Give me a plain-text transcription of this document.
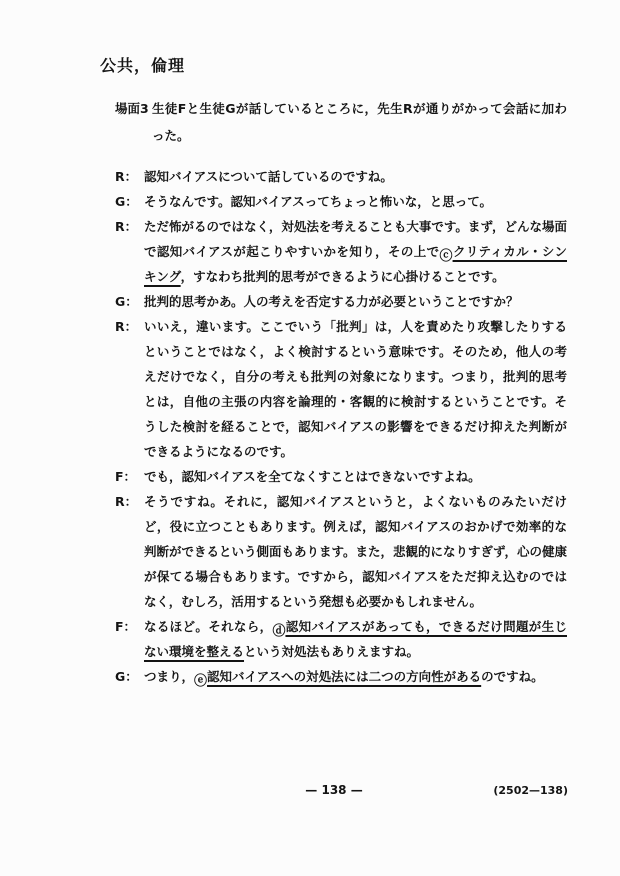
公共，倫理
場面3 生徒Fと生徒Gが話しているところに，先生Rが通りがかって会話に加わった。
R： 認知バイアスについて話しているのですね。
G： そうなんです。認知バイアスってちょっと怖いな，と思って。
R： ただ怖がるのではなく，対処法を考えることも大事です。まず，どんな場面で認知バイアスが起こりやすいかを知り，その上でⓒクリティカル・シンキング，すなわち批判的思考ができるように心掛けることです。
G： 批判的思考かあ。人の考えを否定する力が必要ということですか？
R： いいえ，違います。ここでいう「批判」は，人を責めたり攻撃したりするということではなく，よく検討するという意味です。そのため，他人の考えだけでなく，自分の考えも批判の対象になります。つまり，批判的思考とは，自他の主張の内容を論理的・客観的に検討するということです。そうした検討を経ることで，認知バイアスの影響をできるだけ抑えた判断ができるようになるのです。
F： でも，認知バイアスを全てなくすことはできないですよね。
R： そうですね。それに，認知バイアスというと，よくないものみたいだけど，役に立つこともあります。例えば，認知バイアスのおかげで効率的な判断ができるという側面もあります。また，悲観的になりすぎず，心の健康が保てる場合もあります。ですから，認知バイアスをただ抑え込むのではなく，むしろ，活用するという発想も必要かもしれません。
F： なるほど。それなら，ⓓ認知バイアスがあっても，できるだけ問題が生じない環境を整えるという対処法もありえますね。
G： つまり，ⓔ認知バイアスへの対処法には二つの方向性があるのですね。
— 138 —	(2502—138)
